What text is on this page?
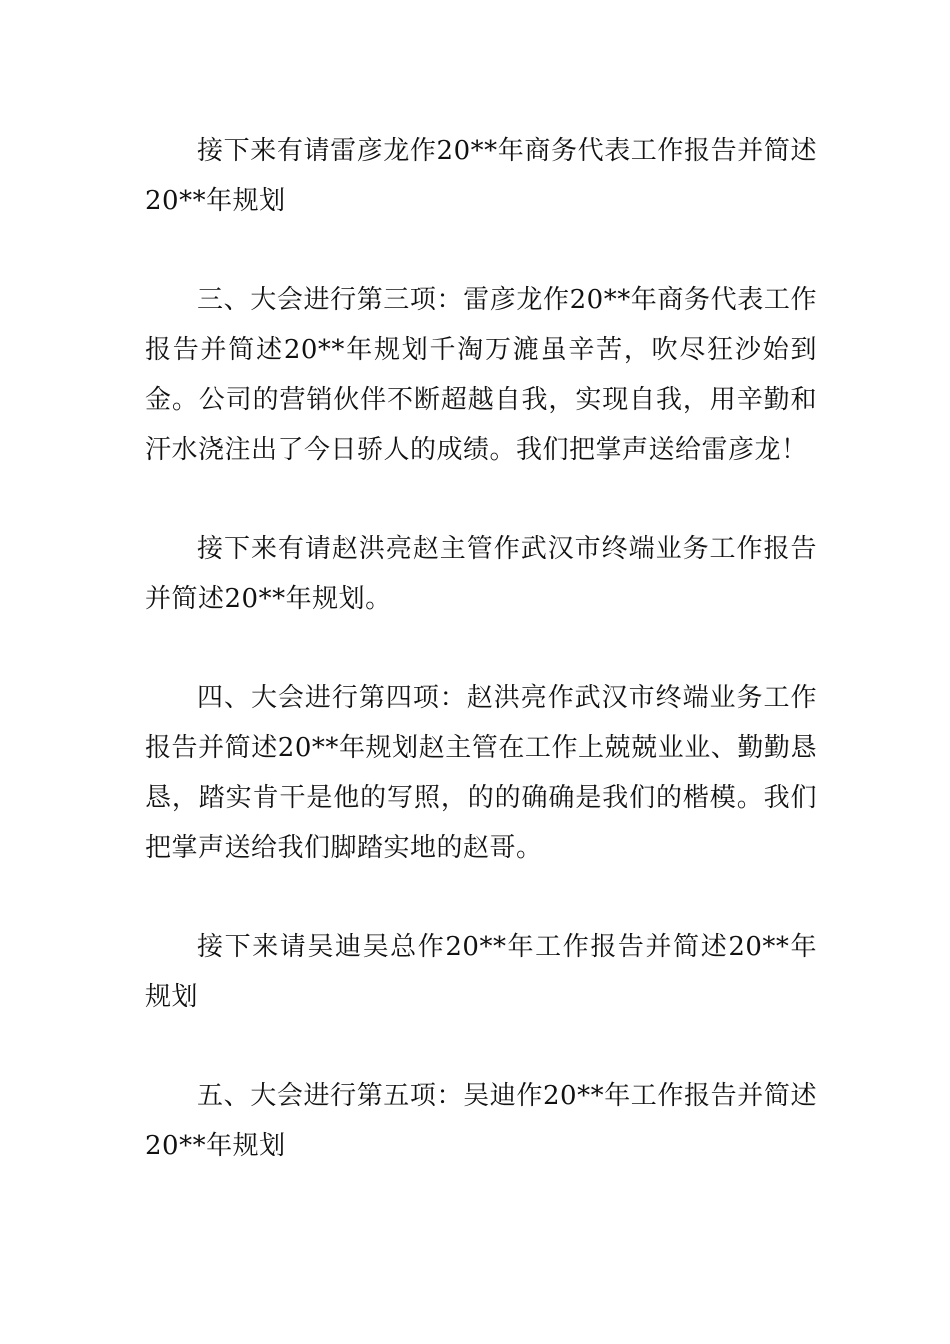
接下来有请雷彦龙作20**年商务代表工作报告并简述20**年规划

三、大会进行第三项：雷彦龙作20**年商务代表工作报告并简述20**年规划千淘万漉虽辛苦，吹尽狂沙始到金。公司的营销伙伴不断超越自我，实现自我，用辛勤和汗水浇注出了今日骄人的成绩。我们把掌声送给雷彦龙！

接下来有请赵洪亮赵主管作武汉市终端业务工作报告并简述20**年规划。

四、大会进行第四项：赵洪亮作武汉市终端业务工作报告并简述20**年规划赵主管在工作上兢兢业业、勤勤恳恳，踏实肯干是他的写照，的的确确是我们的楷模。我们把掌声送给我们脚踏实地的赵哥。

接下来请吴迪吴总作20**年工作报告并简述20**年规划

五、大会进行第五项：吴迪作20**年工作报告并简述20**年规划
